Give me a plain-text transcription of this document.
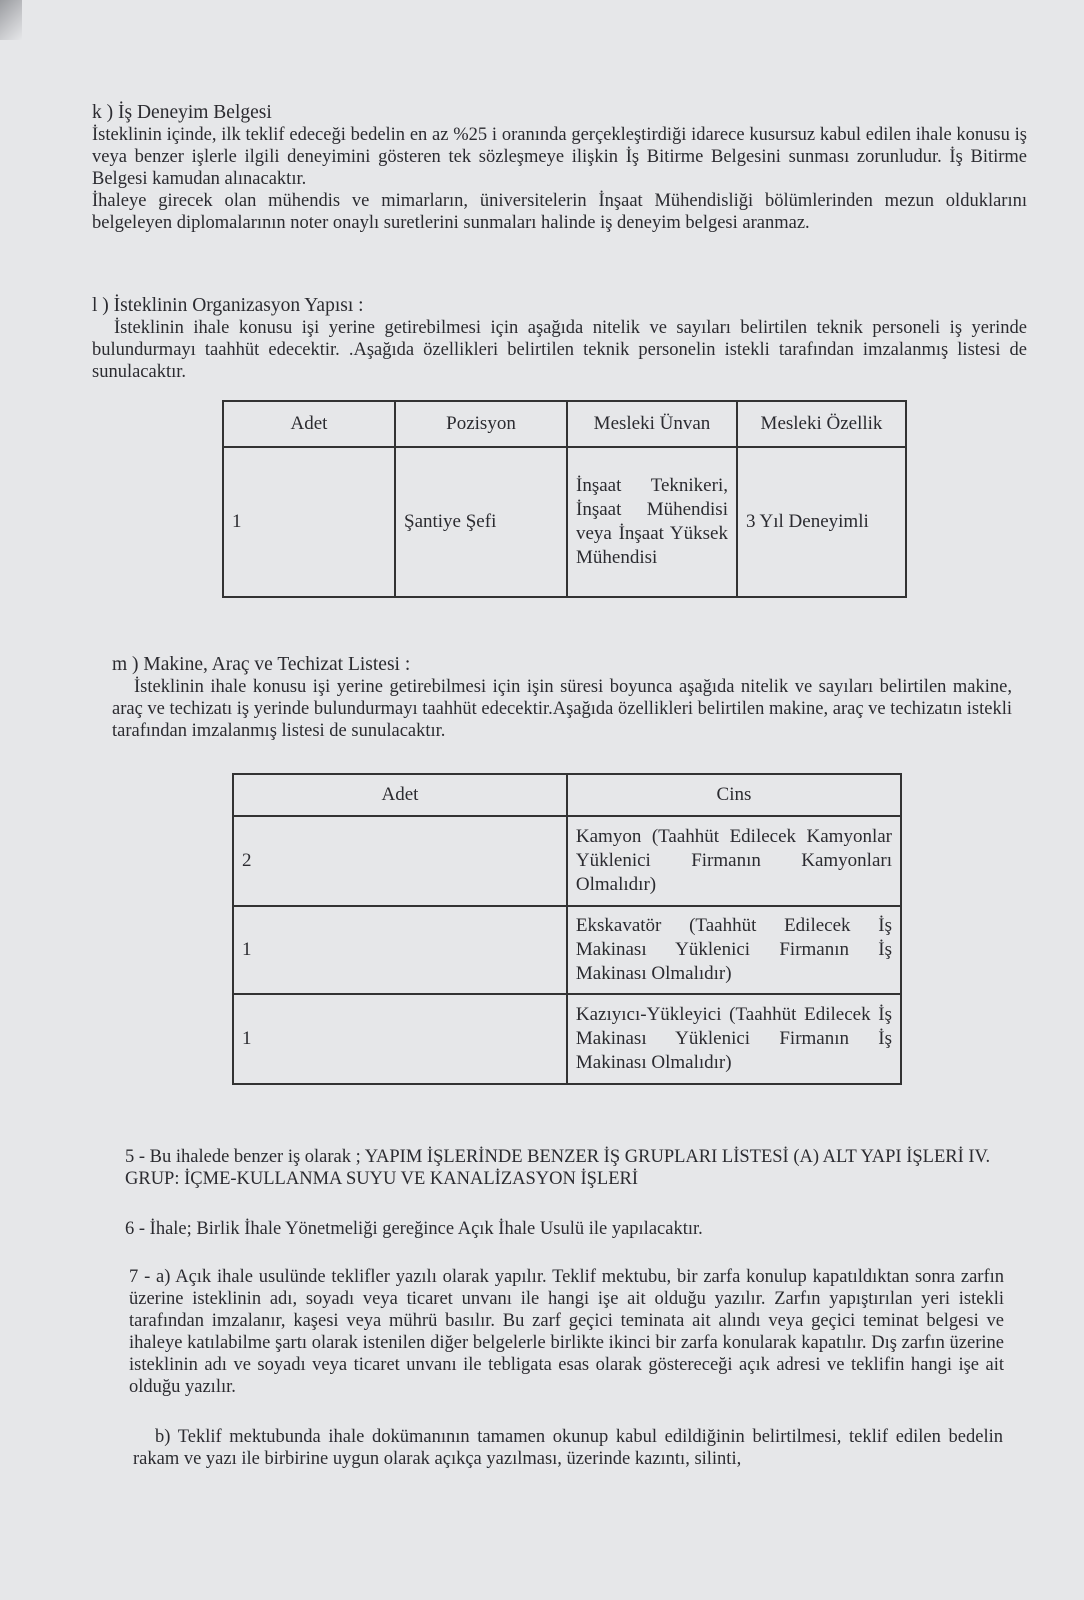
k ) İş Deneyim Belgesi

İsteklinin içinde, ilk teklif edeceği bedelin en az %25 i oranında gerçekleştirdiği idarece kusursuz kabul edilen ihale konusu iş veya benzer işlerle ilgili deneyimini gösteren tek sözleşmeye ilişkin İş Bitirme Belgesini sunması zorunludur. İş Bitirme Belgesi kamudan alınacaktır.

İhaleye girecek olan mühendis ve mimarların, üniversitelerin İnşaat Mühendisliği bölümlerinden mezun olduklarını belgeleyen diplomalarının noter onaylı suretlerini sunmaları halinde iş deneyim belgesi aranmaz.

l ) İsteklinin Organizasyon Yapısı :

İsteklinin ihale konusu işi yerine getirebilmesi için aşağıda nitelik ve sayıları belirtilen teknik personeli iş yerinde bulundurmayı taahhüt edecektir. .Aşağıda özellikleri belirtilen teknik personelin istekli tarafından imzalanmış listesi de sunulacaktır.

Adet	Pozisyon	Mesleki Ünvan	Mesleki Özellik
1	Şantiye Şefi	İnşaat Teknikeri, İnşaat Mühendisi veya İnşaat Yüksek Mühendisi	3 Yıl Deneyimli

m ) Makine, Araç ve Techizat Listesi :

İsteklinin ihale konusu işi yerine getirebilmesi için işin süresi boyunca aşağıda nitelik ve sayıları belirtilen makine, araç ve techizatı iş yerinde bulundurmayı taahhüt edecektir.Aşağıda özellikleri belirtilen makine, araç ve techizatın istekli tarafından imzalanmış listesi de sunulacaktır.

Adet	Cins
2	Kamyon (Taahhüt Edilecek Kamyonlar Yüklenici Firmanın Kamyonları Olmalıdır)
1	Ekskavatör (Taahhüt Edilecek İş Makinası Yüklenici Firmanın İş Makinası Olmalıdır)
1	Kazıyıcı-Yükleyici (Taahhüt Edilecek İş Makinası Yüklenici Firmanın İş Makinası Olmalıdır)

5 - Bu ihalede benzer iş olarak ; YAPIM İŞLERİNDE BENZER İŞ GRUPLARI LİSTESİ (A) ALT YAPI İŞLERİ IV. GRUP: İÇME-KULLANMA SUYU VE KANALİZASYON İŞLERİ

6 - İhale; Birlik İhale Yönetmeliği gereğince Açık İhale Usulü ile yapılacaktır.

7 - a) Açık ihale usulünde teklifler yazılı olarak yapılır. Teklif mektubu, bir zarfa konulup kapatıldıktan sonra zarfın üzerine isteklinin adı, soyadı veya ticaret unvanı ile hangi işe ait olduğu yazılır. Zarfın yapıştırılan yeri istekli tarafından imzalanır, kaşesi veya mührü basılır. Bu zarf geçici teminata ait alındı veya geçici teminat belgesi ve ihaleye katılabilme şartı olarak istenilen diğer belgelerle birlikte ikinci bir zarfa konularak kapatılır. Dış zarfın üzerine isteklinin adı ve soyadı veya ticaret unvanı ile tebligata esas olarak göstereceği açık adresi ve teklifin hangi işe ait olduğu yazılır.

b) Teklif mektubunda ihale dokümanının tamamen okunup kabul edildiğinin belirtilmesi, teklif edilen bedelin rakam ve yazı ile birbirine uygun olarak açıkça yazılması, üzerinde kazıntı, silinti,
